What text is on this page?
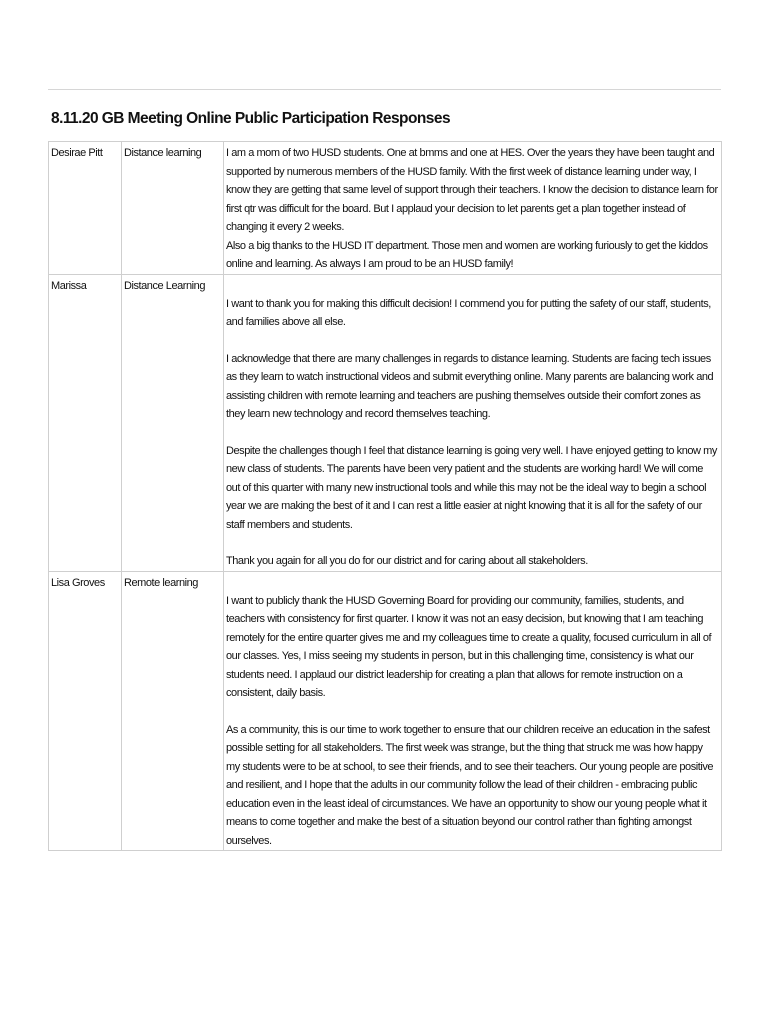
8.11.20 GB Meeting Online Public Participation Responses
Desirae Pitt	Distance learning	I am a mom of two HUSD students. One at bmms and one at HES. Over the years they have been taught and supported by numerous members of the HUSD family. With the first week of distance learning under way, I know they are getting that same level of support through their teachers. I know the decision to distance learn for first qtr was difficult for the board. But I applaud your decision to let parents get a plan together instead of changing it every 2 weeks.

Also a big thanks to the HUSD IT department. Those men and women are working furiously to get the kiddos online and learning. As always I am proud to be an HUSD family!

Marissa	Distance Learning	I want to thank you for making this difficult decision! I commend you for putting the safety of our staff, students, and families above all else.

I acknowledge that there are many challenges in regards to distance learning. Students are facing tech issues as they learn to watch instructional videos and submit everything online. Many parents are balancing work and assisting children with remote learning and teachers are pushing themselves outside their comfort zones as they learn new technology and record themselves teaching.

Despite the challenges though I feel that distance learning is going very well. I have enjoyed getting to know my new class of students. The parents have been very patient and the students are working hard! We will come out of this quarter with many new instructional tools and while this may not be the ideal way to begin a school year we are making the best of it and I can rest a little easier at night knowing that it is all for the safety of our staff members and students.

Thank you again for all you do for our district and for caring about all stakeholders.

Lisa Groves	Remote learning	I want to publicly thank the HUSD Governing Board for providing our community, families, students, and teachers with consistency for first quarter. I know it was not an easy decision, but knowing that I am teaching remotely for the entire quarter gives me and my colleagues time to create a quality, focused curriculum in all of our classes. Yes, I miss seeing my students in person, but in this challenging time, consistency is what our students need. I applaud our district leadership for creating a plan that allows for remote instruction on a consistent, daily basis.

As a community, this is our time to work together to ensure that our children receive an education in the safest possible setting for all stakeholders. The first week was strange, but the thing that struck me was how happy my students were to be at school, to see their friends, and to see their teachers. Our young people are positive and resilient, and I hope that the adults in our community follow the lead of their children - embracing public education even in the least ideal of circumstances. We have an opportunity to show our young people what it means to come together and make the best of a situation beyond our control rather than fighting amongst ourselves.
